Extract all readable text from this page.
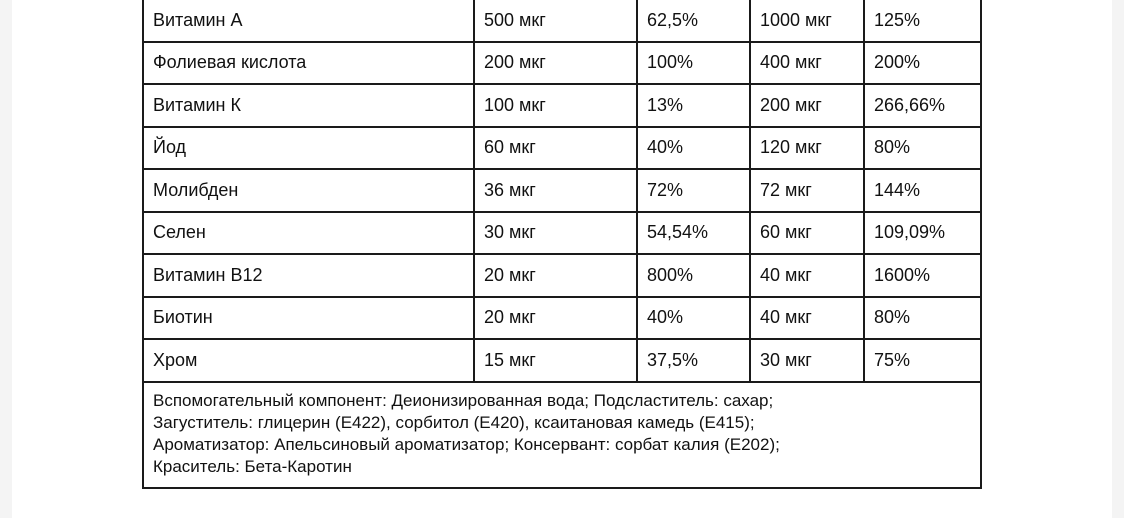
Витамин А	500 мкг	62,5%	1000 мкг	125%
Фолиевая кислота	200 мкг	100%	400 мкг	200%
Витамин К	100 мкг	13%	200 мкг	266,66%
Йод	60 мкг	40%	120 мкг	80%
Молибден	36 мкг	72%	72 мкг	144%
Селен	30 мкг	54,54%	60 мкг	109,09%
Витамин В12	20 мкг	800%	40 мкг	1600%
Биотин	20 мкг	40%	40 мкг	80%
Хром	15 мкг	37,5%	30 мкг	75%

Вспомогательный компонент: Деионизированная вода; Подсластитель: сахар;
Загуститель: глицерин (Е422), сорбитол (Е420), ксаитановая камедь (Е415);
Ароматизатор: Апельсиновый ароматизатор; Консервант: сорбат калия (Е202);
Краситель: Бета-Каротин				
